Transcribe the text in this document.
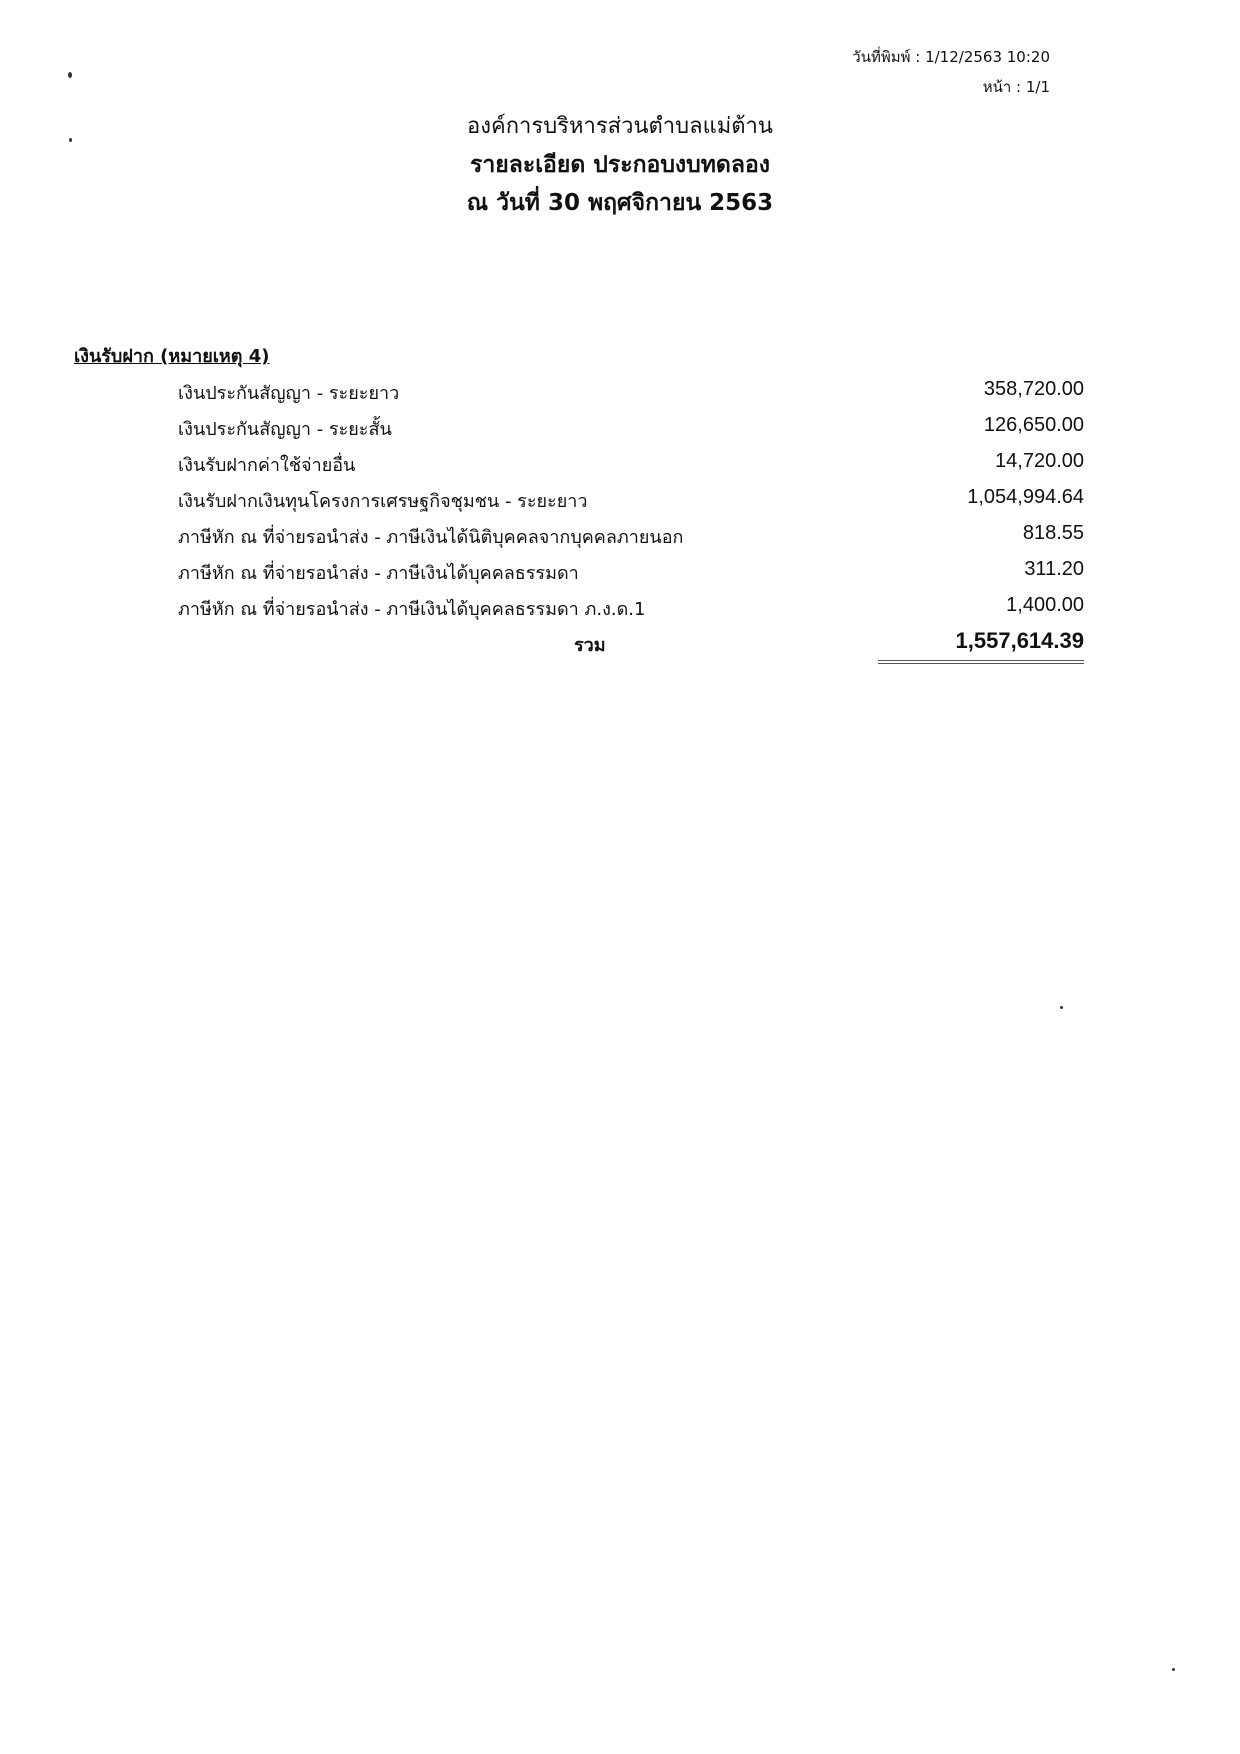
วันที่พิมพ์ : 1/12/2563 10:20
หน้า : 1/1
องค์การบริหารส่วนตำบลแม่ต้าน
รายละเอียด ประกอบงบทดลอง
ณ วันที่ 30 พฤศจิกายน 2563
เงินรับฝาก (หมายเหตุ 4)
เงินประกันสัญญา - ระยะยาว	358,720.00
เงินประกันสัญญา - ระยะสั้น	126,650.00
เงินรับฝากค่าใช้จ่ายอื่น	14,720.00
เงินรับฝากเงินทุนโครงการเศรษฐกิจชุมชน - ระยะยาว	1,054,994.64
ภาษีหัก ณ ที่จ่ายรอนำส่ง - ภาษีเงินได้นิติบุคคลจากบุคคลภายนอก	818.55
ภาษีหัก ณ ที่จ่ายรอนำส่ง - ภาษีเงินได้บุคคลธรรมดา	311.20
ภาษีหัก ณ ที่จ่ายรอนำส่ง - ภาษีเงินได้บุคคลธรรมดา ภ.ง.ด.1	1,400.00
รวม	1,557,614.39
